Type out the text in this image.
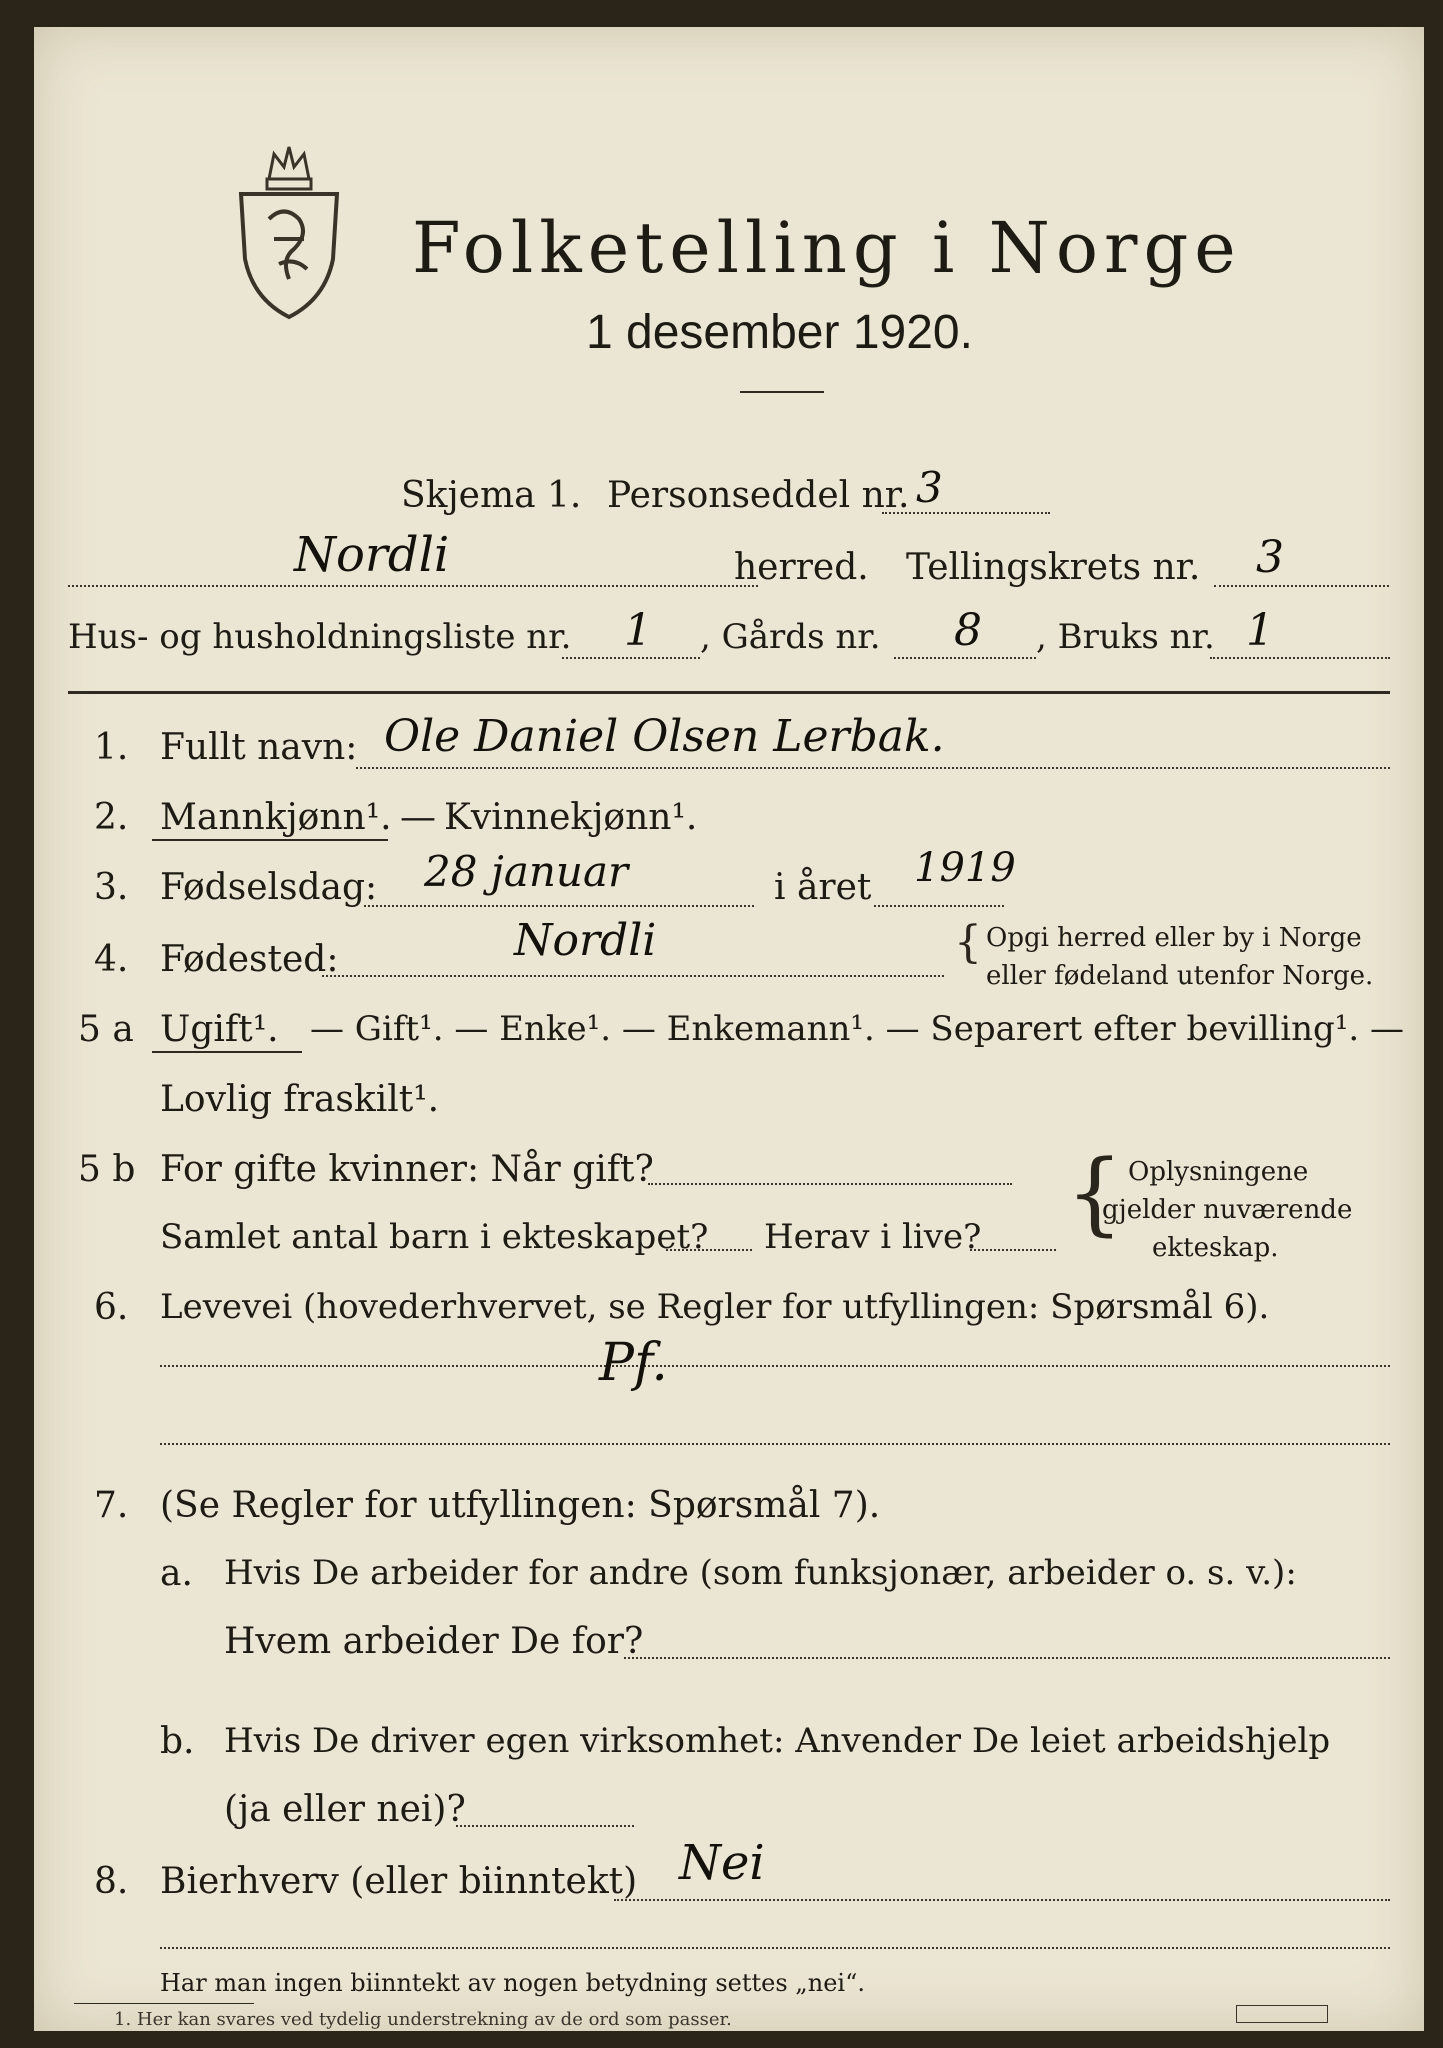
Folketelling i Norge
1 desember 1920.
Skjema 1. Personseddel nr. 3
Nordli	herred. Tellingskrets nr. 3
Hus- og husholdningsliste nr. 1 , Gårds nr. 8 , Bruks nr. 1
1. Fullt navn: Ole Daniel Olsen Lerbak.
2. Mannkjønn¹. — Kvinnekjønn¹.
3. Fødselsdag: 28 januar	i året 1919
4. Fødested:	Nordli	{ Opgi herred eller by i Norge
eller fødeland utenfor Norge.
5 a Ugift¹. — Gift¹. — Enke¹. — Enkemann¹. — Separert efter bevilling¹. —
Lovlig fraskilt¹.
5 b For gifte kvinner: Når gift?
Samlet antal barn i ekteskapet? Herav i live? { Oplysningene
gjelder nuværende
ekteskap.
6. Levevei (hovederhvervet, se Regler for utfyllingen: Spørsmål 6).
Pf.
7. (Se Regler for utfyllingen: Spørsmål 7).
a. Hvis De arbeider for andre (som funksjonær, arbeider o. s. v.):
Hvem arbeider De for?
b. Hvis De driver egen virksomhet: Anvender De leiet arbeidshjelp
(ja eller nei)?
8. Bierhverv (eller biinntekt) Nei
Har man ingen biinntekt av nogen betydning settes „nei“.
1. Her kan svares ved tydelig understrekning av de ord som passer.
